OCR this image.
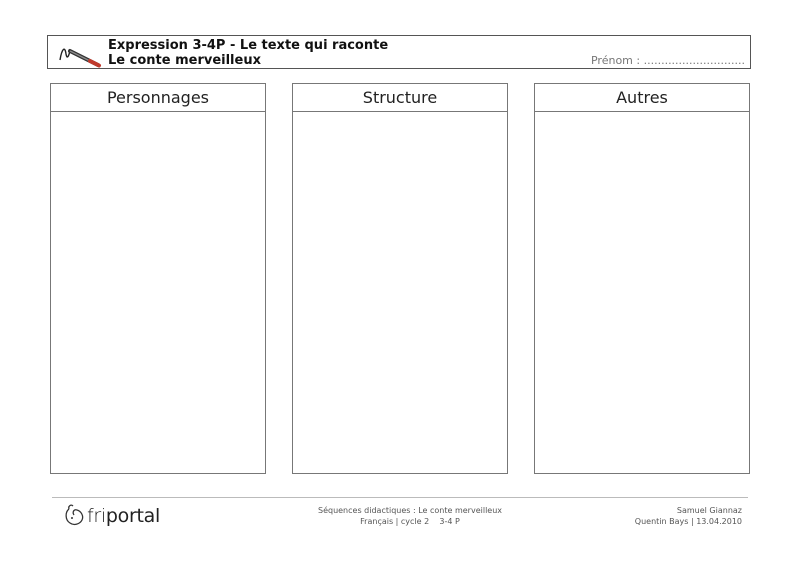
Expression 3-4P - Le texte qui raconte
Le conte merveilleux	Prénom : .............................
Personnages	Structure	Autres
friportal	Séquences didactiques : Le conte merveilleux
Français | cycle 2    3-4 P
Samuel Giannaz
Quentin Bays | 13.04.2010
